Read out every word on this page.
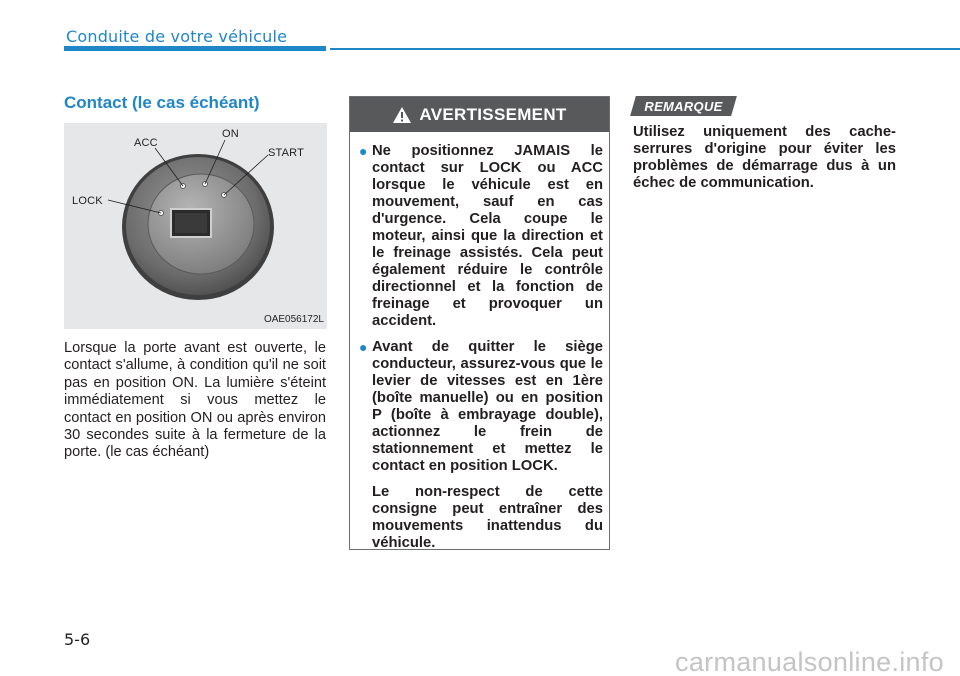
Conduite de votre véhicule
Contact (le cas échéant)
ACC
ON
START
LOCK
OAE056172L
Lorsque la porte avant est ouverte, le contact s'allume, à condition qu'il ne soit pas en position ON. La lumière s'éteint immédiatement si vous mettez le contact en position ON ou après environ 30 secondes suite à la fermeture de la porte. (le cas échéant)
AVERTISSEMENT
● Ne positionnez JAMAIS le contact sur LOCK ou ACC lorsque le véhicule est en mouvement, sauf en cas d'urgence. Cela coupe le moteur, ainsi que la direction et le freinage assistés. Cela peut également réduire le contrôle directionnel et la fonction de freinage et provoquer un accident.
● Avant de quitter le siège conducteur, assurez-vous que le levier de vitesses est en 1ère (boîte manuelle) ou en position P (boîte à embrayage double), actionnez le frein de stationnement et mettez le contact en position LOCK.

Le non-respect de cette consigne peut entraîner des mouvements inattendus du véhicule.

REMARQUE
Utilisez uniquement des cache-serrures d'origine pour éviter les problèmes de démarrage dus à un échec de communication.
5-6
carmanualsonline.info
